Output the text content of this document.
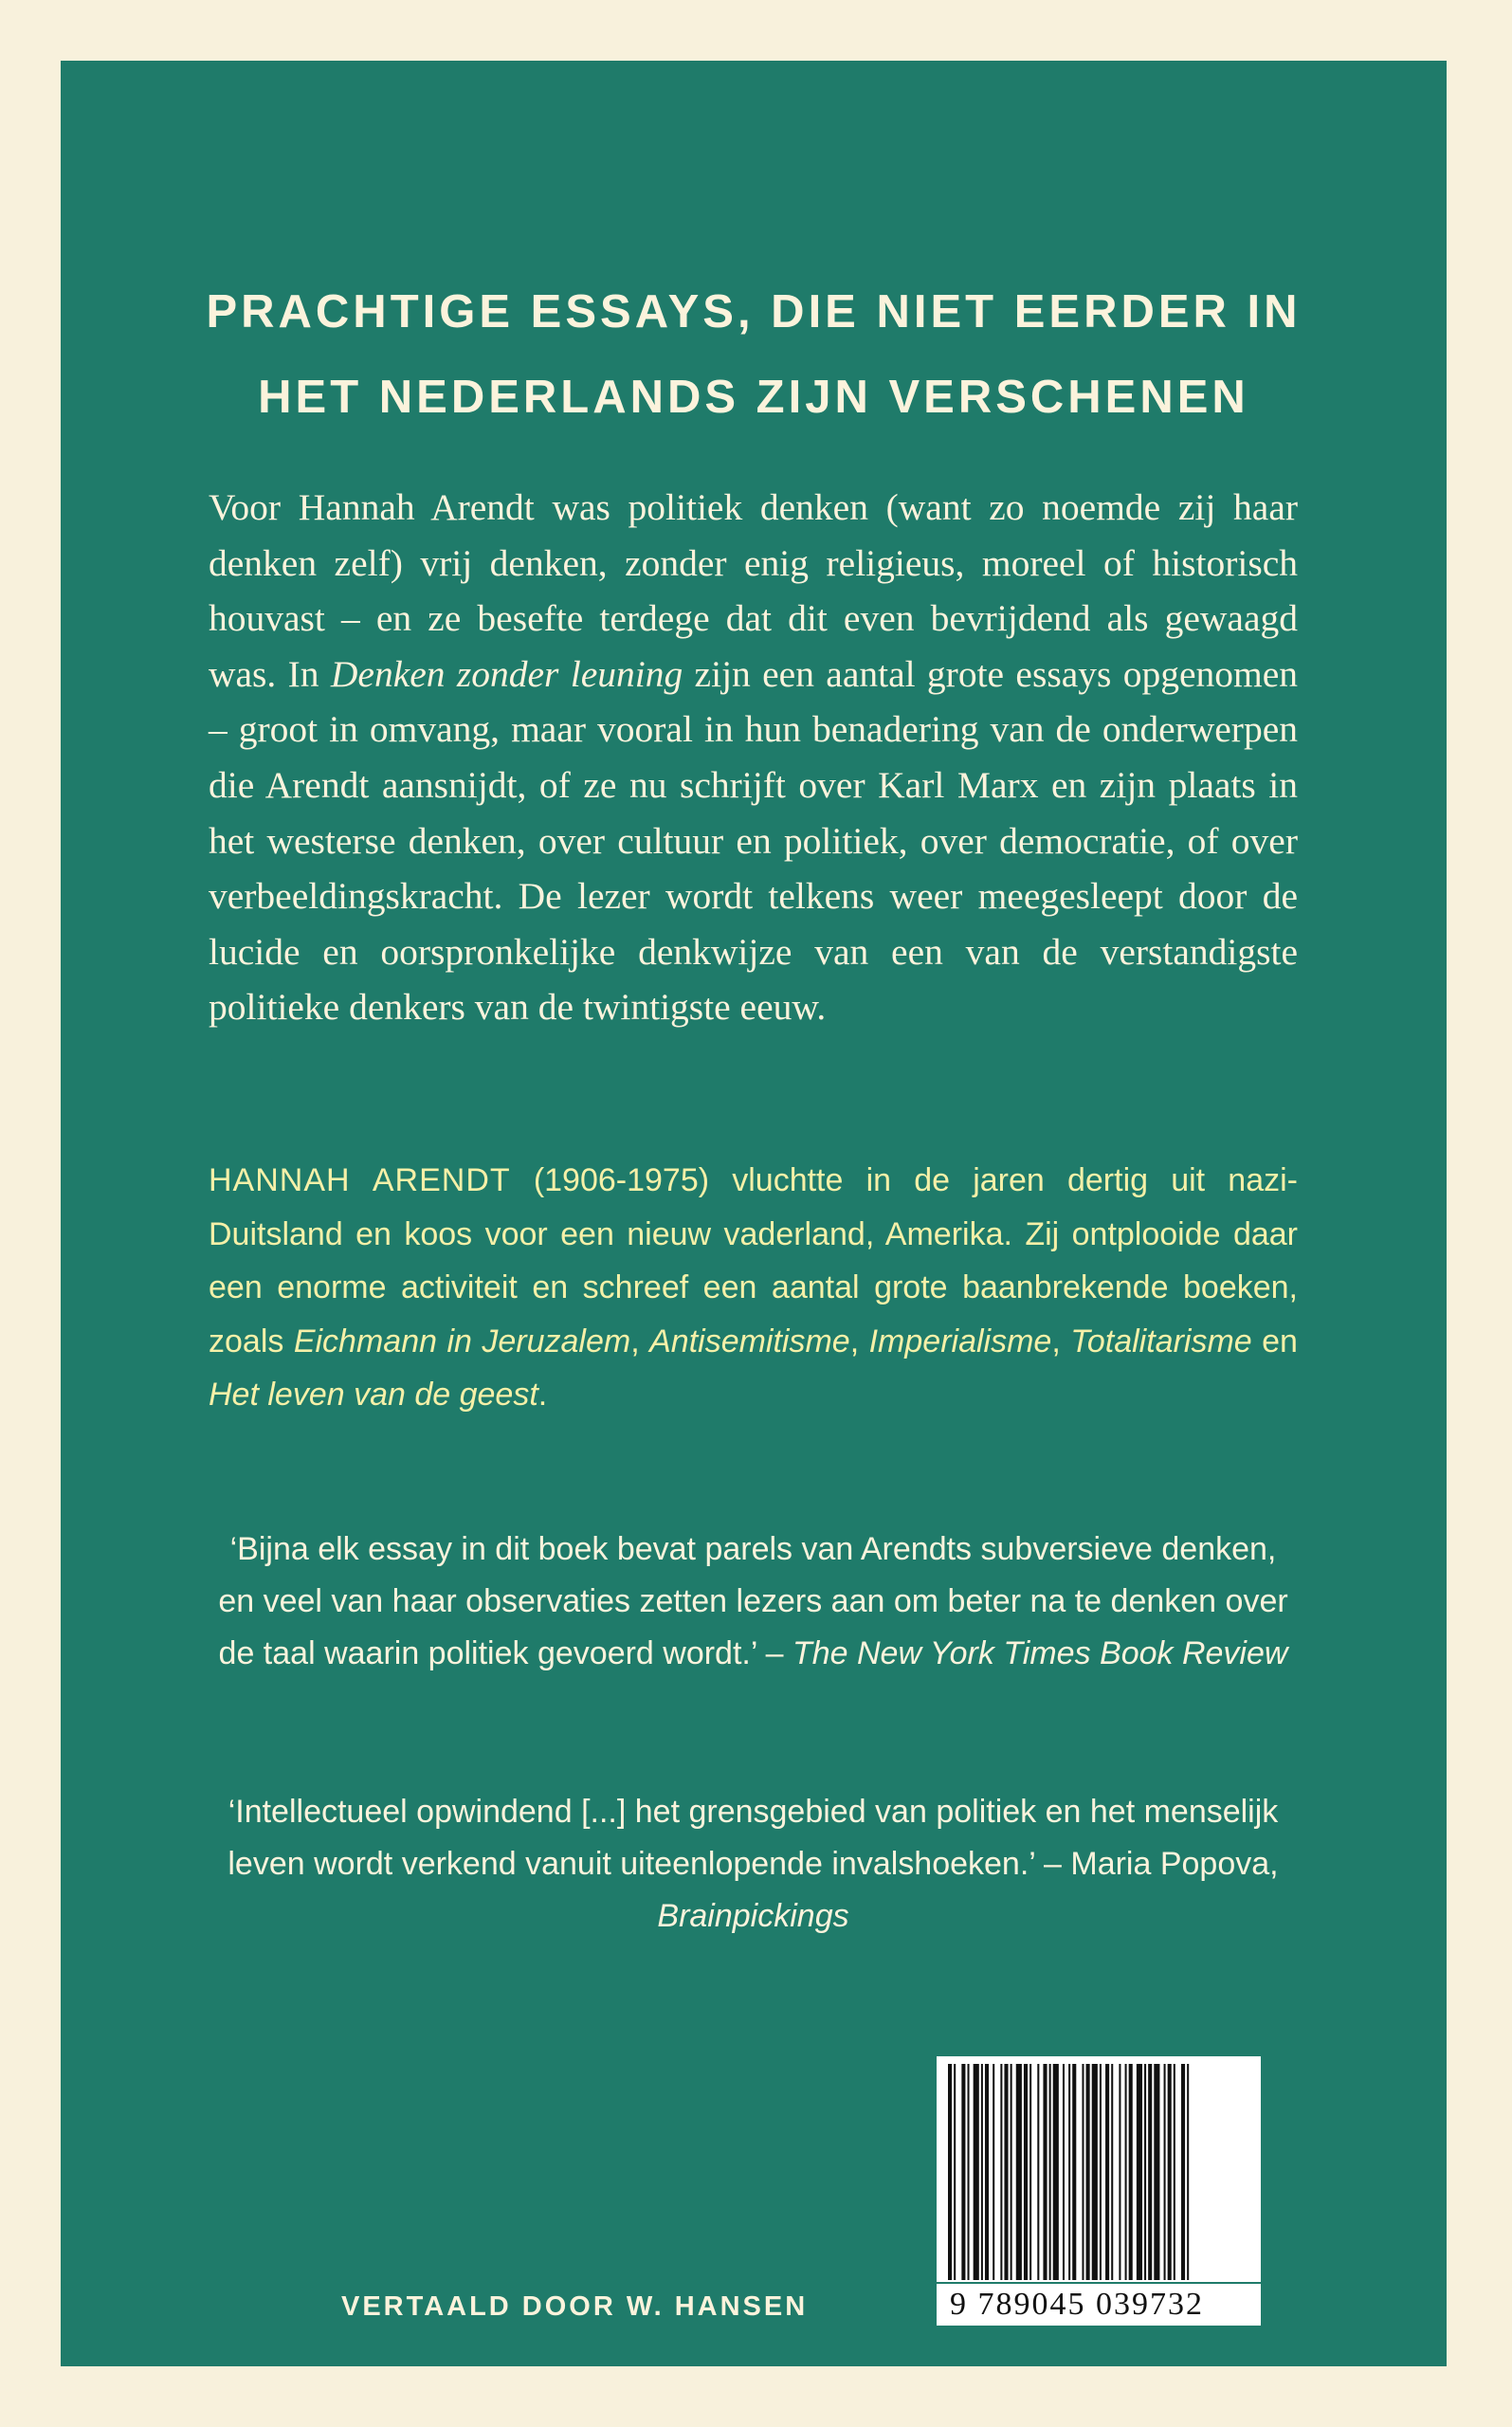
PRACHTIGE ESSAYS, DIE NIET EERDER IN
HET NEDERLANDS ZIJN VERSCHENEN

Voor Hannah Arendt was politiek denken (want zo noemde zij haar denken zelf) vrij denken, zonder enig religieus, moreel of historisch houvast – en ze besefte terdege dat dit even bevrijdend als gewaagd was. In Denken zonder leuning zijn een aantal grote essays opgenomen – groot in omvang, maar vooral in hun benadering van de onderwerpen die Arendt aansnijdt, of ze nu schrijft over Karl Marx en zijn plaats in het westerse denken, over cultuur en politiek, over democratie, of over verbeeldingskracht. De lezer wordt telkens weer meegesleept door de lucide en oorspronkelijke denkwijze van een van de verstandigste politieke denkers van de twintigste eeuw.

HANNAH ARENDT (1906-1975) vluchtte in de jaren dertig uit nazi-Duitsland en koos voor een nieuw vaderland, Amerika. Zij ontplooide daar een enorme activiteit en schreef een aantal grote baanbrekende boeken, zoals Eichmann in Jeruzalem, Antisemitisme, Imperialisme, Totalitarisme en Het leven van de geest.

‘Bijna elk essay in dit boek bevat parels van Arendts subversieve denken, en veel van haar observaties zetten lezers aan om beter na te denken over de taal waarin politiek gevoerd wordt.’ – The New York Times Book Review

‘Intellectueel opwindend [...] het grensgebied van politiek en het menselijk leven wordt verkend vanuit uiteenlopende invalshoeken.’ – Maria Popova, Brainpickings

VERTAALD DOOR W. HANSEN	9 789045 039732
